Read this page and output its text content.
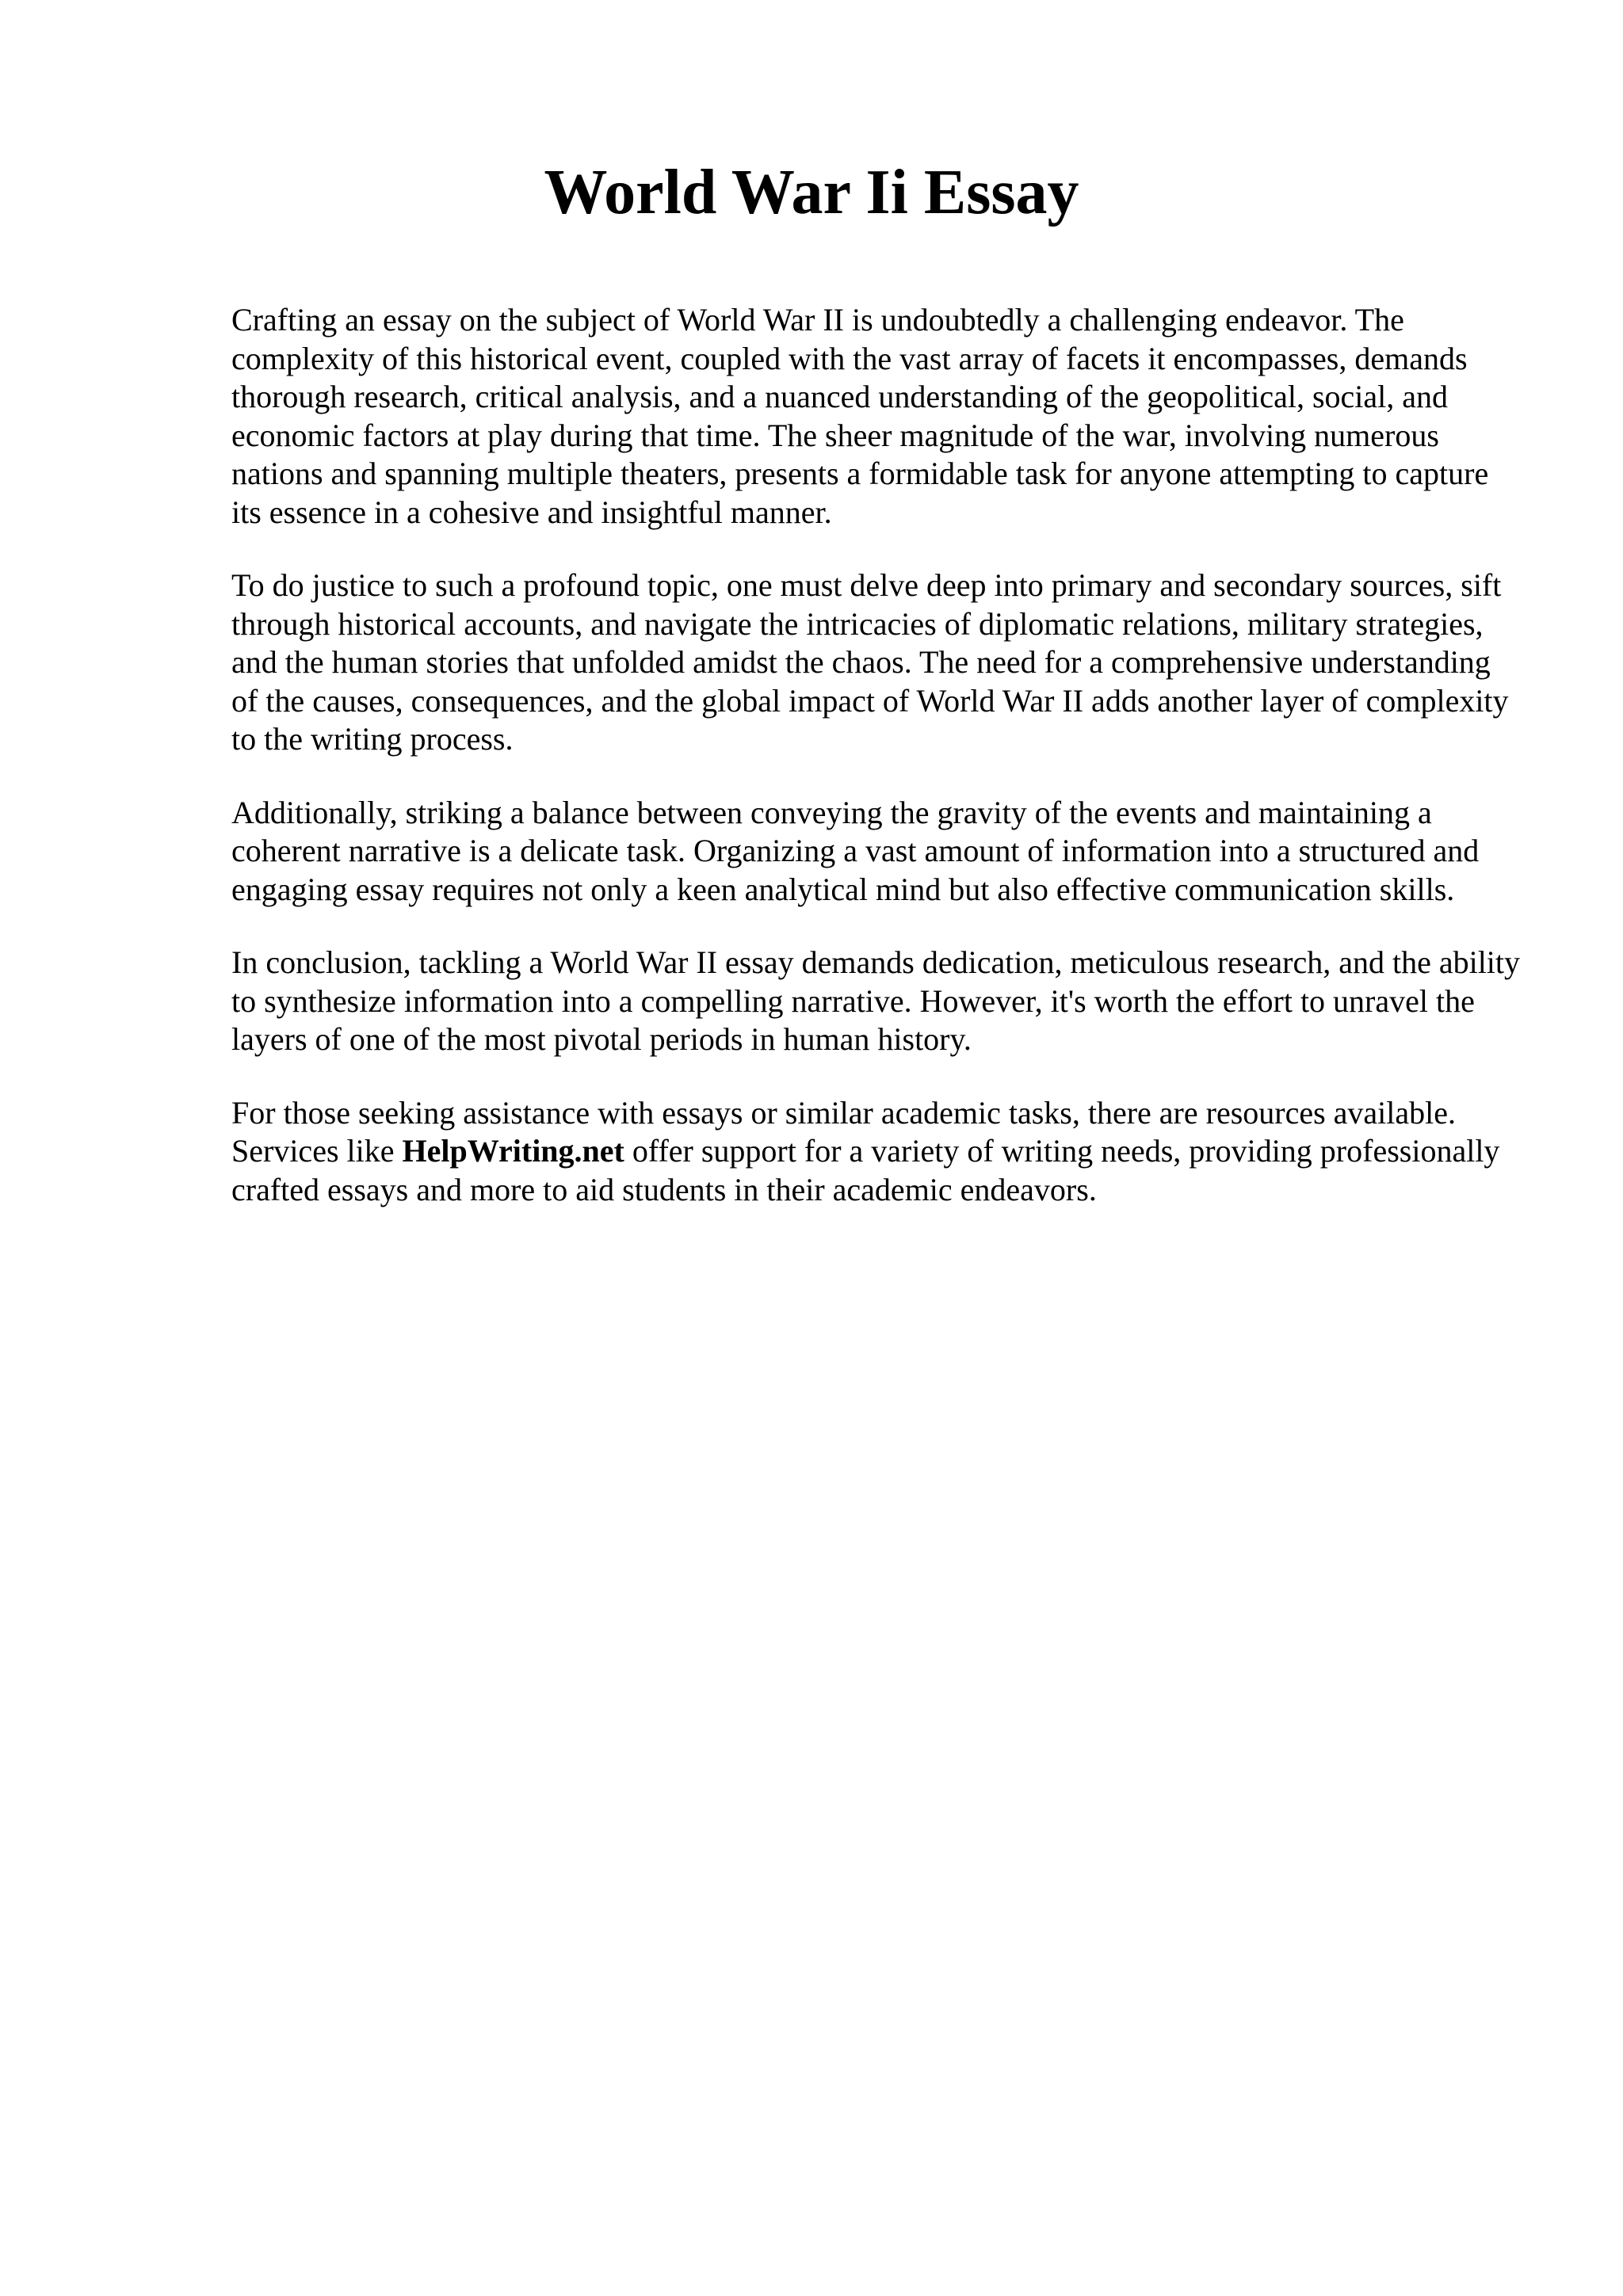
World War Ii Essay

Crafting an essay on the subject of World War II is undoubtedly a challenging endeavor. The complexity of this historical event, coupled with the vast array of facets it encompasses, demands thorough research, critical analysis, and a nuanced understanding of the geopolitical, social, and economic factors at play during that time. The sheer magnitude of the war, involving numerous nations and spanning multiple theaters, presents a formidable task for anyone attempting to capture its essence in a cohesive and insightful manner.

To do justice to such a profound topic, one must delve deep into primary and secondary sources, sift through historical accounts, and navigate the intricacies of diplomatic relations, military strategies, and the human stories that unfolded amidst the chaos. The need for a comprehensive understanding of the causes, consequences, and the global impact of World War II adds another layer of complexity to the writing process.

Additionally, striking a balance between conveying the gravity of the events and maintaining a coherent narrative is a delicate task. Organizing a vast amount of information into a structured and engaging essay requires not only a keen analytical mind but also effective communication skills.

In conclusion, tackling a World War II essay demands dedication, meticulous research, and the ability to synthesize information into a compelling narrative. However, it's worth the effort to unravel the layers of one of the most pivotal periods in human history.

For those seeking assistance with essays or similar academic tasks, there are resources available. Services like HelpWriting.net offer support for a variety of writing needs, providing professionally crafted essays and more to aid students in their academic endeavors.
